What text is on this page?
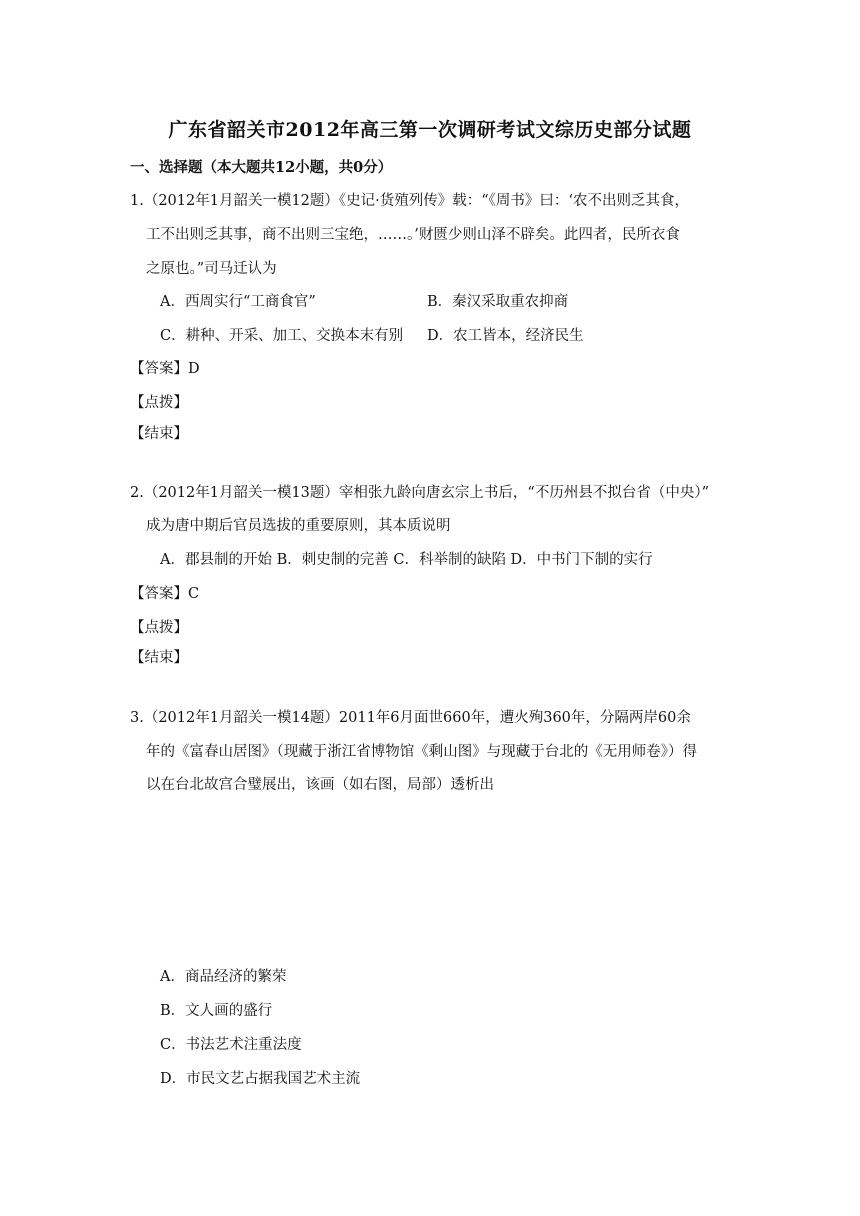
广东省韶关市2012年高三第一次调研考试文综历史部分试题
一、选择题（本大题共12小题，共0分）
1.（2012年1月韶关一模12题）《史记·货殖列传》载：“《周书》曰：‘农不出则乏其食，
工不出则乏其事，商不出则三宝绝，……。’财匮少则山泽不辟矣。此四者，民所衣食
之原也。”司马迁认为
A．西周实行“工商食官”	B．秦汉采取重农抑商
C．耕种、开采、加工、交换本末有别 D．农工皆本，经济民生
【答案】D
【点拨】
【结束】
2.（2012年1月韶关一模13题）宰相张九龄向唐玄宗上书后，“不历州县不拟台省（中央）”
成为唐中期后官员选拔的重要原则，其本质说明
A．郡县制的开始 B．刺史制的完善 C．科举制的缺陷 D．中书门下制的实行
【答案】C
【点拨】
【结束】
3.（2012年1月韶关一模14题）2011年6月面世660年，遭火殉360年，分隔两岸60余
年的《富春山居图》（现藏于浙江省博物馆《剩山图》与现藏于台北的《无用师卷》）得
以在台北故宫合璧展出，该画（如右图，局部）透析出
A．商品经济的繁荣
B．文人画的盛行
C．书法艺术注重法度
D．市民文艺占据我国艺术主流
